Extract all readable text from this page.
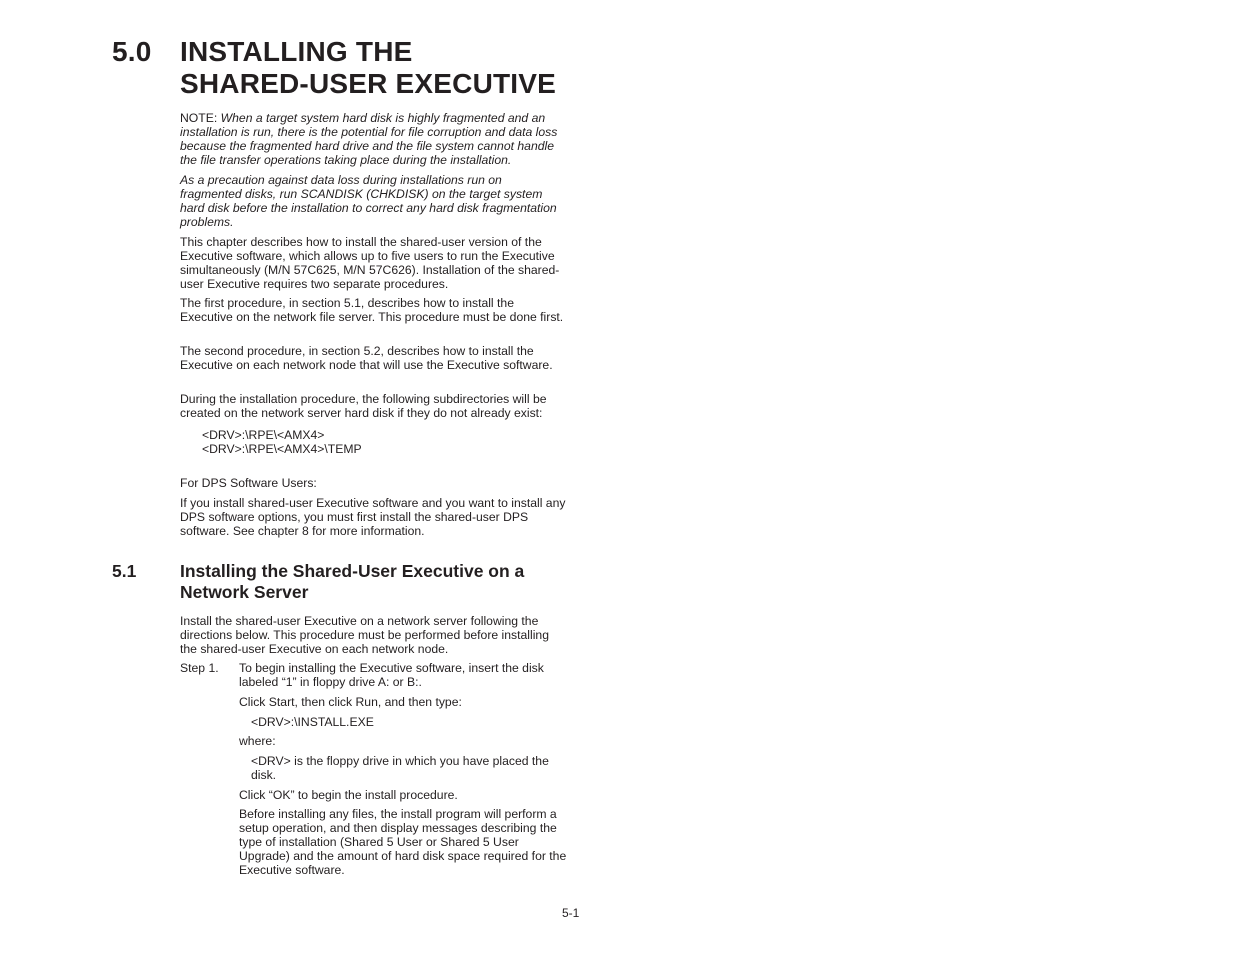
5.0 INSTALLING THE
SHARED-USER EXECUTIVE

NOTE: When a target system hard disk is highly fragmented and an installation is run, there is the potential for file corruption and data loss because the fragmented hard drive and the file system cannot handle the file transfer operations taking place during the installation.

As a precaution against data loss during installations run on fragmented disks, run SCANDISK (CHKDISK) on the target system hard disk before the installation to correct any hard disk fragmentation problems.
This chapter describes how to install the shared-user version of the Executive software, which allows up to five users to run the Executive simultaneously (M/N 57C625, M/N 57C626). Installation of the shared-user Executive requires two separate procedures.
The first procedure, in section 5.1, describes how to install the Executive on the network file server. This procedure must be done first.
The second procedure, in section 5.2, describes how to install the Executive on each network node that will use the Executive software.
During the installation procedure, the following subdirectories will be created on the network server hard disk if they do not already exist:
<DRV>:\RPE\<AMX4>
<DRV>:\RPE\<AMX4>\TEMP
For DPS Software Users:
If you install shared-user Executive software and you want to install any DPS software options, you must first install the shared-user DPS software. See chapter 8 for more information.
5.1 Installing the Shared-User Executive on a Network Server
Install the shared-user Executive on a network server following the directions below. This procedure must be performed before installing the shared-user Executive on each network node.
Step 1. To begin installing the Executive software, insert the disk labeled “1” in floppy drive A: or B:.
Click Start, then click Run, and then type:
<DRV>:\INSTALL.EXE
where:
<DRV> is the floppy drive in which you have placed the disk.
Click “OK” to begin the install procedure.
Before installing any files, the install program will perform a setup operation, and then display messages describing the type of installation (Shared 5 User or Shared 5 User Upgrade) and the amount of hard disk space required for the Executive software.
5-1
